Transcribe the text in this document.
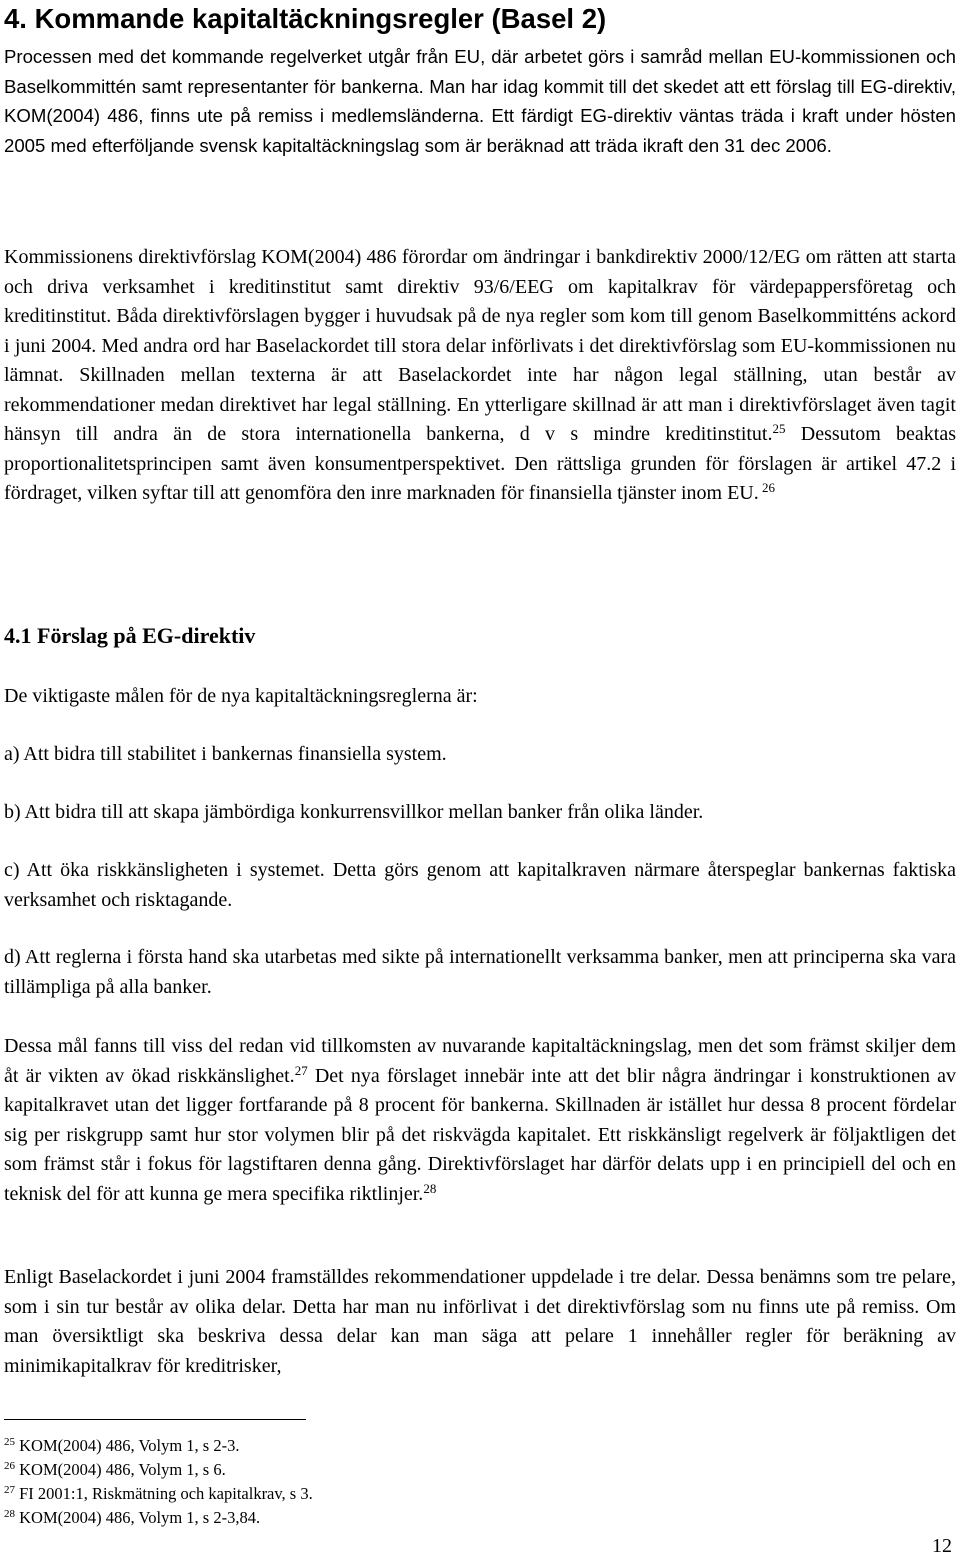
4. Kommande kapitaltäckningsregler (Basel 2)

Processen med det kommande regelverket utgår från EU, där arbetet görs i samråd mellan EU-kommissionen och Baselkommittén samt representanter för bankerna. Man har idag kommit till det skedet att ett förslag till EG-direktiv, KOM(2004) 486, finns ute på remiss i medlemsländerna. Ett färdigt EG-direktiv väntas träda i kraft under hösten 2005 med efterföljande svensk kapitaltäckningslag som är beräknad att träda ikraft den 31 dec 2006.

Kommissionens direktivförslag KOM(2004) 486 förordar om ändringar i bankdirektiv 2000/12/EG om rätten att starta och driva verksamhet i kreditinstitut samt direktiv 93/6/EEG om kapitalkrav för värdepappersföretag och kreditinstitut. Båda direktivförslagen bygger i huvudsak på de nya regler som kom till genom Baselkommitténs ackord i juni 2004. Med andra ord har Baselackordet till stora delar införlivats i det direktivförslag som EU-kommissionen nu lämnat. Skillnaden mellan texterna är att Baselackordet inte har någon legal ställning, utan består av rekommendationer medan direktivet har legal ställning. En ytterligare skillnad är att man i direktivförslaget även tagit hänsyn till andra än de stora internationella bankerna, d v s mindre kreditinstitut.$^{25}$ Dessutom beaktas proportionalitetsprincipen samt även konsumentperspektivet. Den rättsliga grunden för förslagen är artikel 47.2 i fördraget, vilken syftar till att genomföra den inre marknaden för finansiella tjänster inom EU. $^{26}$

4.1 Förslag på EG-direktiv

De viktigaste målen för de nya kapitaltäckningsreglerna är:

a) Att bidra till stabilitet i bankernas finansiella system.

b) Att bidra till att skapa jämbördiga konkurrensvillkor mellan banker från olika länder.

c) Att öka riskkänsligheten i systemet. Detta görs genom att kapitalkraven närmare återspeglar bankernas faktiska verksamhet och risktagande.

d) Att reglerna i första hand ska utarbetas med sikte på internationellt verksamma banker, men att principerna ska vara tillämpliga på alla banker.

Dessa mål fanns till viss del redan vid tillkomsten av nuvarande kapitaltäckningslag, men det som främst skiljer dem åt är vikten av ökad riskkänslighet.$^{27}$ Det nya förslaget innebär inte att det blir några ändringar i konstruktionen av kapitalkravet utan det ligger fortfarande på 8 procent för bankerna. Skillnaden är istället hur dessa 8 procent fördelar sig per riskgrupp samt hur stor volymen blir på det riskvägda kapitalet. Ett riskkänsligt regelverk är följaktligen det som främst står i fokus för lagstiftaren denna gång. Direktivförslaget har därför delats upp i en principiell del och en teknisk del för att kunna ge mera specifika riktlinjer.$^{28}$

Enligt Baselackordet i juni 2004 framställdes rekommendationer uppdelade i tre delar. Dessa benämns som tre pelare, som i sin tur består av olika delar. Detta har man nu införlivat i det direktivförslag som nu finns ute på remiss. Om man översiktligt ska beskriva dessa delar kan man säga att pelare 1 innehåller regler för beräkning av minimikapitalkrav för kreditrisker,

$^{25}$ KOM(2004) 486, Volym 1, s 2-3.
$^{26}$ KOM(2004) 486, Volym 1, s 6.
$^{27}$ FI 2001:1, Riskmätning och kapitalkrav, s 3.
$^{28}$ KOM(2004) 486, Volym 1, s 2-3,84.
12
